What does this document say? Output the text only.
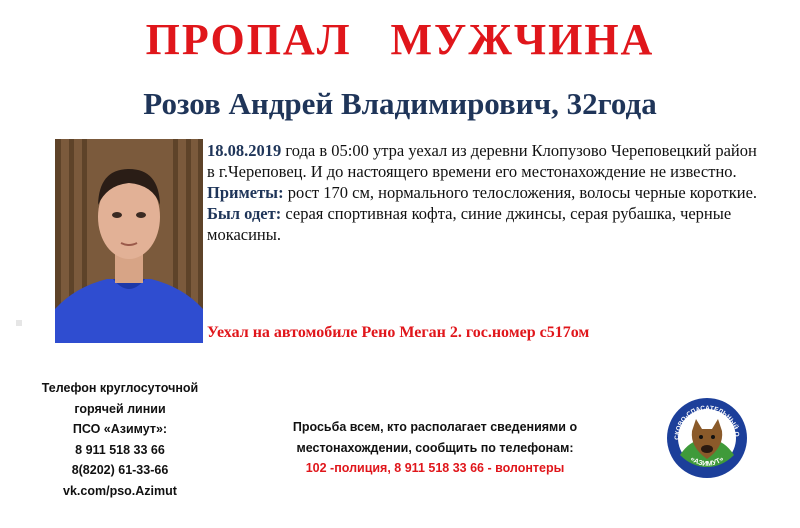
ПРОПАЛ   МУЖЧИНА
Розов Андрей Владимирович, 32года

18.08.2019 года в 05:00 утра уехал из деревни Клопузово Череповецкий район в г.Череповец. И до настоящего времени его местонахождение не известно.

Приметы: рост 170 см, нормального телосложения, волосы черные короткие.

Был одет: серая спортивная кофта, синие джинсы, серая рубашка, черные мокасины.

Уехал на автомобиле Рено Меган 2. гос.номер с517ом
Телефон круглосуточной
горячей линии
ПСО «Азимут»:
8 911 518 33 66
8(8202) 61-33-66
vk.com/pso.Azimut
Просьба всем, кто располагает сведениями о
местонахождении, сообщить по телефонам:
102 -полиция, 8 911 518 33 66 - волонтеры
СКОВО-СПАСАТЕЛЬНЫЙ О
«АЗИМУТ»
